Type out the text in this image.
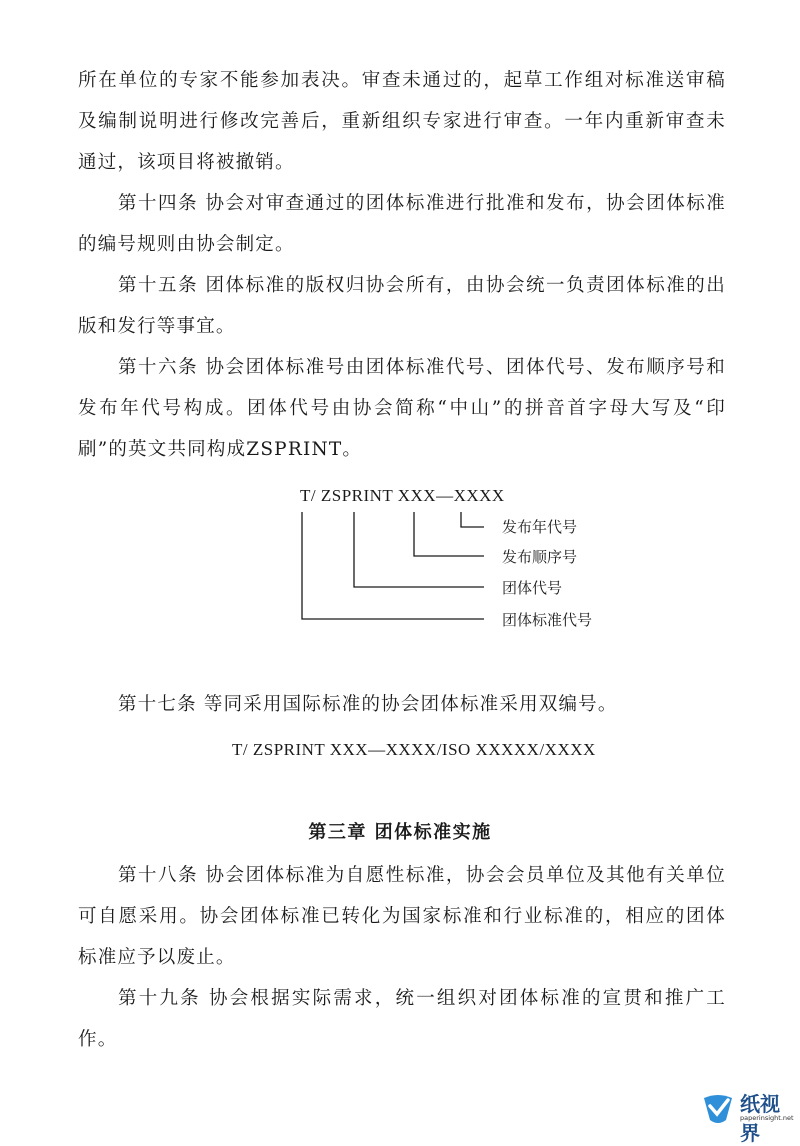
所在单位的专家不能参加表决。审查未通过的，起草工作组对标准送审稿及编制说明进行修改完善后，重新组织专家进行审查。一年内重新审查未通过，该项目将被撤销。

第十四条 协会对审查通过的团体标准进行批准和发布，协会团体标准的编号规则由协会制定。

第十五条 团体标准的版权归协会所有，由协会统一负责团体标准的出版和发行等事宜。

第十六条 协会团体标准号由团体标准代号、团体代号、发布顺序号和发布年代号构成。团体代号由协会简称“中山”的拼音首字母大写及“印刷”的英文共同构成ZSPRINT。

T/ ZSPRINT XXX—XXXX
发布年代号
发布顺序号
团体代号
团体标准代号

第十七条 等同采用国际标准的协会团体标准采用双编号。

T/ ZSPRINT XXX—XXXX/ISO XXXXX/XXXX
第三章 团体标准实施

第十八条 协会团体标准为自愿性标准，协会会员单位及其他有关单位可自愿采用。协会团体标准已转化为国家标准和行业标准的，相应的团体标准应予以废止。

第十九条 协会根据实际需求，统一组织对团体标准的宣贯和推广工作。

纸视界
paperinsight.net
